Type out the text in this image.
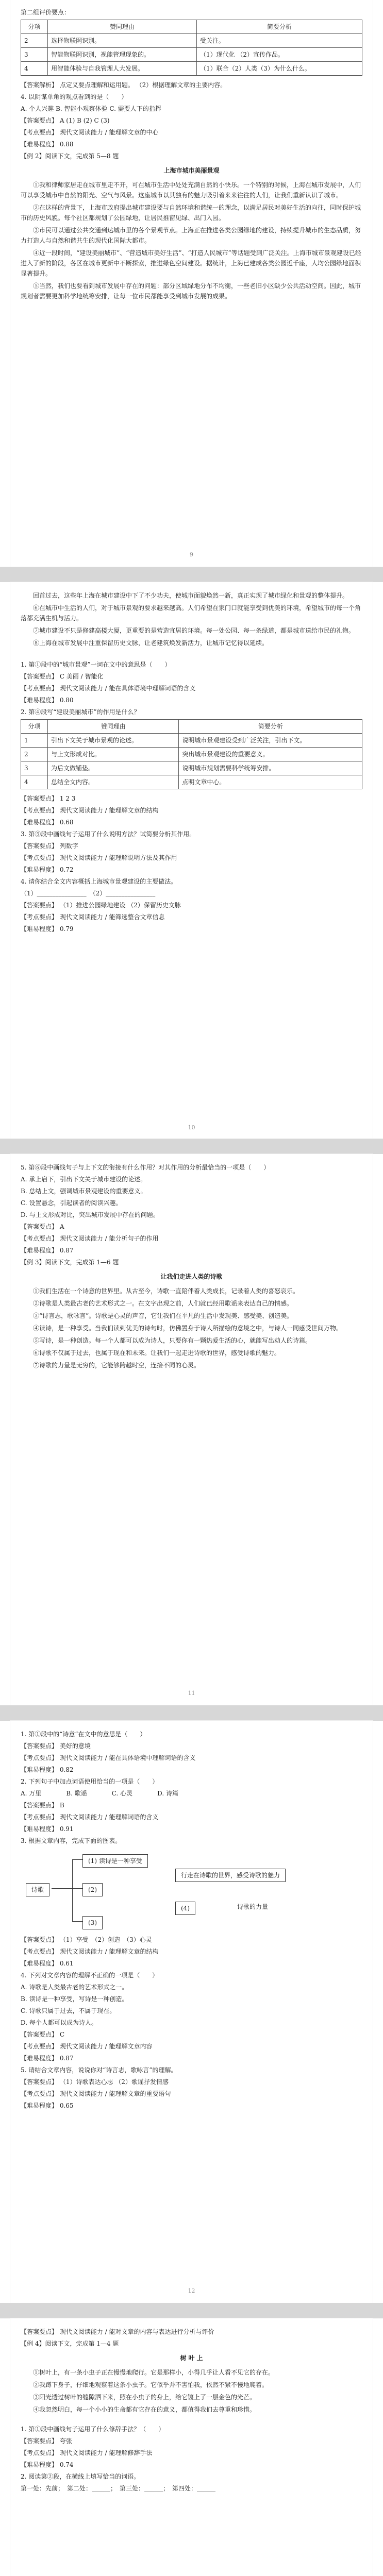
第二组评价要点：
分项	赞同理由	简要分析
2	选择物联网识别。	受关注。
3	智能物联网识别，视能管理现象的。	（1）现代化 （2）宣传作品。
4	用智能体验与自我管理人大发展。	（1）联合（2）人类（3）为什么什么。
【答案解析】 点定义要点理解和运用题。 （2）根据理解文章的主要内容。
4. 以阴谋单角的观点看到的是（　　）
A. 个人兴趣 B. 智能小观察体验 C. 需要人下的指挥
【答案要点】 A (1) B (2) C (3)
【考点要点】 现代文阅读能力 / 能理解文章的中心
【难易程度】 0.88
【例 2】阅读下文，完成第 5—8 题
上海市城市美丽景观
①我和律师家居走在城市里走不开，可在城市生活中处处充满自然的小快乐。一个特别的时候，上海在城市发展中，人们可以享受城市中自然的阳光、空气与风景。这座城市以其独有的魅力吸引着来来往往的人们，让我们重新认识了城市。
②在这样的背景下，上海市政府提出城市建设要与自然环境和谐统一的理念，以满足居民对美好生活的向往，同时保护城市的历史风貌。每个社区都规划了公园绿地，让居民推窗见绿、出门入园。
③市民可以通过公共交通到达城市里的各个景观节点。上海正在推进各类公园绿地的建设，持续提升城市的生态品质，努力打造人与自然和谐共生的现代化国际大都市。
④近一段时间，“建设美丽城市”、“营造城市美好生活”、“打造人民城市”等话题受到广泛关注。上海市城市景观建设已经进入了新的阶段，各区在城市更新中不断探索，推进绿色空间建设。据统计，上海已建成各类公园近千座，人均公园绿地面积显著提升。
⑤当然，我们也要看到城市发展中存在的问题：部分区域绿地分布不均衡，一些老旧小区缺少公共活动空间。因此，城市规划者需要更加科学地统筹安排，让每一位市民都能享受到城市发展的成果。
9
回首过去，这些年上海在城市建设中下了不少功夫，使城市面貌焕然一新，真正实现了城市绿化和景观的整体提升。
⑥在城市中生活的人们，对于城市景观的要求越来越高。人们希望在家门口就能享受到优美的环境，希望城市的每一个角落都充满生机与活力。
⑦城市建设不只是修建高楼大厦，更重要的是营造宜居的环境。每一处公园、每一条绿道，都是城市送给市民的礼物。
⑧上海在城市发展中注重保留历史文脉，让老建筑焕发新活力，让城市记忆得以延续。
1. 第①段中的“城市景观”一词在文中的意思是（　　）
【答案要点】 C 美丽 / 智能化
【考点要点】 现代文阅读能力 / 能在具体语境中理解词语的含义
【难易程度】 0.80
2. 第④段写“建设美丽城市”的作用是什么？
分项	赞同理由	简要分析
1	引出下文关于城市景观的论述。	说明城市景观建设受到广泛关注，引出下文。
2	与上文形成对比。	突出城市景观建设的重要意义。
3	为后文做铺垫。	说明城市规划需要科学统筹安排。
4	总结全文内容。	点明文章中心。
【答案要点】 1 2 3
【考点要点】 现代文阅读能力 / 能理解文章的结构
【难易程度】 0.68
3. 第⑤段中画线句子运用了什么说明方法？试简要分析其作用。
【答案要点】 列数字
【考点要点】 现代文阅读能力 / 能理解说明方法及其作用
【难易程度】 0.72
4. 请你结合全文内容概括上海城市景观建设的主要做法。
（1）________________　（2）________________
【答案要点】 （1）推进公园绿地建设 （2）保留历史文脉
【考点要点】 现代文阅读能力 / 能筛选整合文章信息
【难易程度】 0.79
10
5. 第⑥段中画线句子与上下文的衔接有什么作用？对其作用的分析最恰当的一项是（　　）
A. 承上启下，引出下文关于城市建设的论述。
B. 总结上文，强调城市景观建设的重要意义。
C. 设置悬念，引起读者的阅读兴趣。
D. 与上文形成对比，突出城市发展中存在的问题。
【答案要点】 A
【考点要点】 现代文阅读能力 / 能分析句子的作用
【难易程度】 0.87
【例 3】阅读下文，完成第 1—6 题
让我们走进人类的诗歌
①我们生活在一个诗意的世界里。从古至今，诗歌一直陪伴着人类成长，记录着人类的喜怒哀乐。
②诗歌是人类最古老的艺术形式之一。在文字出现之前，人们就已经用歌谣来表达自己的情感。
③“诗言志，歌咏言”。诗歌是心灵的声音，它让我们在平凡的生活中发现美、感受美、创造美。
④读诗，是一种享受。当我们读到优美的诗句时，仿佛置身于诗人所描绘的意境之中，与诗人一同感受世间万物。
⑤写诗，是一种创造。每一个人都可以成为诗人，只要你有一颗热爱生活的心，就能写出动人的诗篇。
⑥诗歌不仅属于过去，也属于现在和未来。让我们一起走进诗歌的世界，感受诗歌的魅力。
⑦诗歌的力量是无穷的，它能够跨越时空，连接不同的心灵。
11
1. 第①段中的“诗意”在文中的意思是（　　）
【答案要点】 美好的意境
【考点要点】 现代文阅读能力 / 能在具体语境中理解词语的含义
【难易程度】 0.82
2. 下列句子中加点词语使用恰当的一项是（　　）
A. 万里　　　　B. 歌谣　　　　C. 心灵　　　　D. 诗篇
【答案要点】 B
【考点要点】 现代文阅读能力 / 能理解词语的含义
【难易程度】 0.91
3. 根据文章内容，完成下面的图表。
诗歌
(1) 读诗是一种享受
(2)
(3)
行走在诗歌的世界，感受诗歌的魅力
(4)	诗歌的力量
【答案要点】 （1）享受　（2）创造　（3）心灵
【考点要点】 现代文阅读能力 / 能理解文章的结构
【难易程度】 0.61
4. 下列对文章内容的理解不正确的一项是（　　）
A. 诗歌是人类最古老的艺术形式之一。
B. 读诗是一种享受，写诗是一种创造。
C. 诗歌只属于过去，不属于现在。
D. 每个人都可以成为诗人。
【答案要点】 C
【考点要点】 现代文阅读能力 / 能理解文章内容
【难易程度】 0.87
5. 请结合文章内容，说说你对“诗言志，歌咏言”的理解。
【答案要点】 （1）诗歌表达心志 （2）歌谣抒发情感
【考点要点】 现代文阅读能力 / 能理解文章的重要语句
【难易程度】 0.65
12
【答案要点】 现代文阅读能力 / 能对文章的内容与表达进行分析与评价
【例 4】阅读下文，完成第 1—4 题
树 叶 上
①树叶上，有一条小虫子正在慢慢地爬行。它是那样小，小得几乎让人看不见它的存在。
②我蹲下身子，仔细地观察着这条小虫子。它似乎并不害怕我，依然不紧不慢地爬着。
③阳光透过树叶的缝隙洒下来，照在小虫子的身上，给它镀上了一层金色的光芒。
④我忽然明白，每一个小小的生命都有它存在的意义，都值得我们去尊重和珍惜。
1. 第①段中画线句子运用了什么修辞手法？（　　）
【答案要点】 夸张
【考点要点】 现代文阅读能力 / 能理解修辞手法
【难易程度】 0.74
2. 阅读第②段，在横线上填写恰当的词语。
第一处：先前；　第二处：______；　第三处：______；　第四处：______
